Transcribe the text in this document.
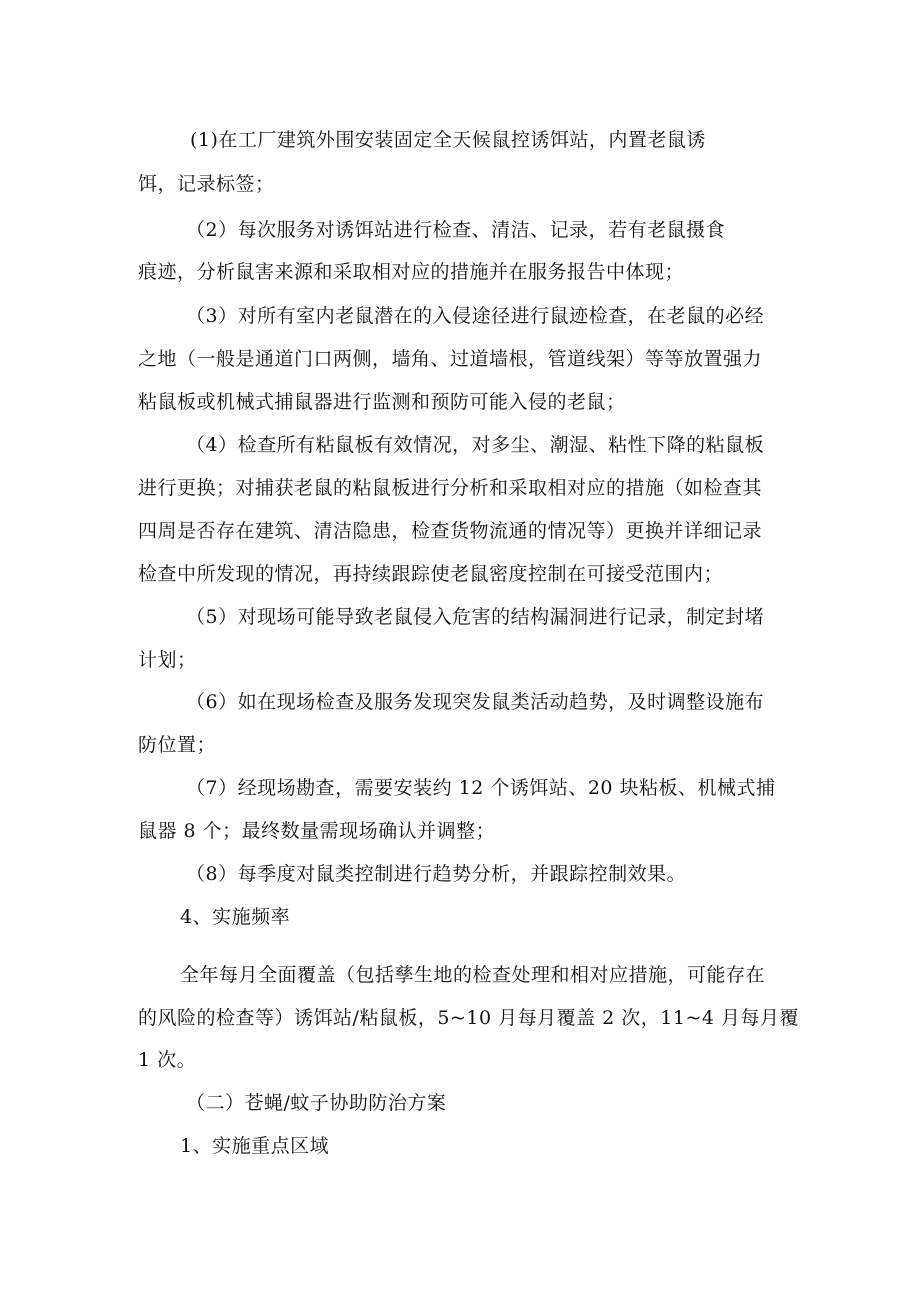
(1)在工厂建筑外围安装固定全天候鼠控诱饵站，内置老鼠诱

饵，记录标签；

（2）每次服务对诱饵站进行检查、清洁、记录，若有老鼠摄食

痕迹，分析鼠害来源和采取相对应的措施并在服务报告中体现；

（3）对所有室内老鼠潜在的入侵途径进行鼠迹检查，在老鼠的必经

之地（一般是通道门口两侧，墙角、过道墙根，管道线架）等等放置强力

粘鼠板或机械式捕鼠器进行监测和预防可能入侵的老鼠；

（4）检查所有粘鼠板有效情况，对多尘、潮湿、粘性下降的粘鼠板

进行更换；对捕获老鼠的粘鼠板进行分析和采取相对应的措施（如检查其

四周是否存在建筑、清洁隐患，检查货物流通的情况等）更换并详细记录

检查中所发现的情况，再持续跟踪使老鼠密度控制在可接受范围内；

（5）对现场可能导致老鼠侵入危害的结构漏洞进行记录，制定封堵

计划；

（6）如在现场检查及服务发现突发鼠类活动趋势，及时调整设施布

防位置；

（7）经现场勘查，需要安装约 12 个诱饵站、20 块粘板、机械式捕

鼠器 8 个；最终数量需现场确认并调整；

（8）每季度对鼠类控制进行趋势分析，并跟踪控制效果。

4、实施频率

全年每月全面覆盖（包括孳生地的检查处理和相对应措施，可能存在

的风险的检查等）诱饵站/粘鼠板，5~10 月每月覆盖 2 次，11~4 月每月覆

1 次。

（二）苍蝇/蚊子协助防治方案

1、实施重点区域
